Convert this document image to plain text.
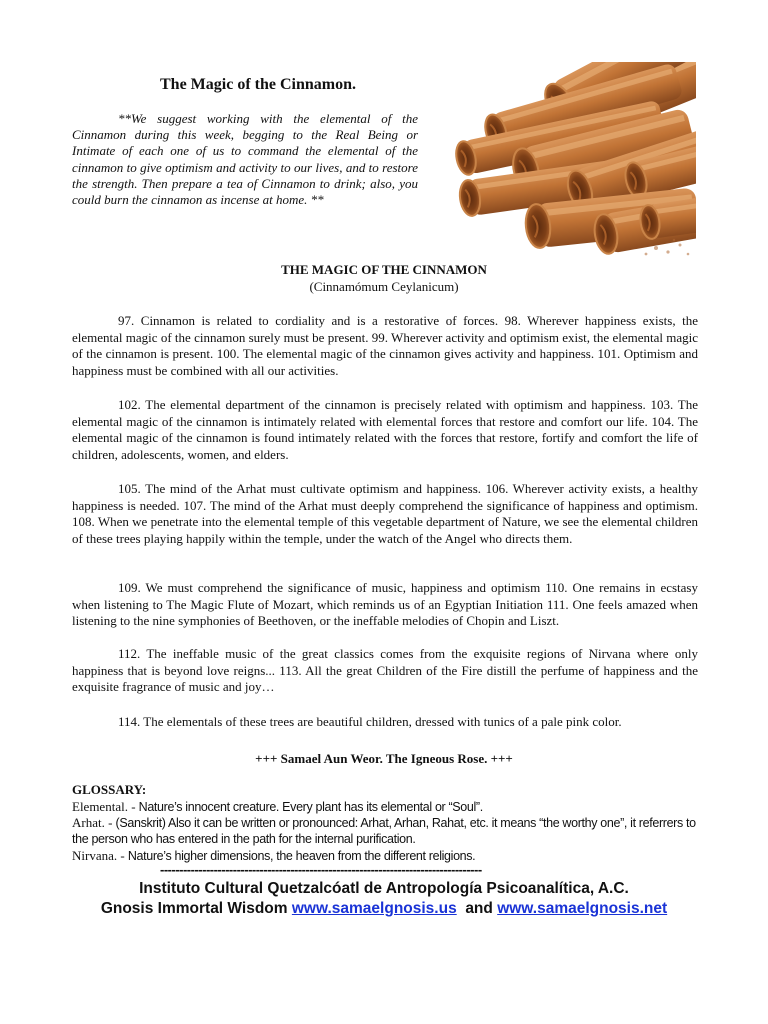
The Magic of the Cinnamon.

**We suggest working with the elemental of the Cinnamon during this week, begging to the Real Being or Intimate of each one of us to command the elemental of the cinnamon to give optimism and activity to our lives, and to restore the strength. Then prepare a tea of Cinnamon to drink; also, you could burn the cinnamon as incense at home. **

THE MAGIC OF THE CINNAMON
(Cinnamómum Ceylanicum)

97. Cinnamon is related to cordiality and is a restorative of forces. 98. Wherever happiness exists, the elemental magic of the cinnamon surely must be present. 99. Wherever activity and optimism exist, the elemental magic of the cinnamon is present. 100. The elemental magic of the cinnamon gives activity and happiness. 101. Optimism and happiness must be combined with all our activities.

102. The elemental department of the cinnamon is precisely related with optimism and happiness. 103. The elemental magic of the cinnamon is intimately related with elemental forces that restore and comfort our life. 104. The elemental magic of the cinnamon is found intimately related with the forces that restore, fortify and comfort the life of children, adolescents, women, and elders.

105. The mind of the Arhat must cultivate optimism and happiness. 106. Wherever activity exists, a healthy happiness is needed. 107. The mind of the Arhat must deeply comprehend the significance of happiness and optimism. 108. When we penetrate into the elemental temple of this vegetable department of Nature, we see the elemental children of these trees playing happily within the temple, under the watch of the Angel who directs them.

109. We must comprehend the significance of music, happiness and optimism 110. One remains in ecstasy when listening to The Magic Flute of Mozart, which reminds us of an Egyptian Initiation 111. One feels amazed when listening to the nine symphonies of Beethoven, or the ineffable melodies of Chopin and Liszt.

112. The ineffable music of the great classics comes from the exquisite regions of Nirvana where only happiness that is beyond love reigns... 113. All the great Children of the Fire distill the perfume of happiness and the exquisite fragrance of music and joy…

114. The elementals of these trees are beautiful children, dressed with tunics of a pale pink color.

+++ Samael Aun Weor. The Igneous Rose. +++
GLOSSARY:

Elemental. - Nature’s innocent creature. Every plant has its elemental or “Soul”.

Arhat. - (Sanskrit) Also it can be written or pronounced: Arhat, Arhan, Rahat, etc. it means “the worthy one”, it referrers to the person who has entered in the path for the internal purification.

Nirvana. - Nature’s higher dimensions, the heaven from the different religions.

------------------------------------------------------------------------------------
Instituto Cultural Quetzalcóatl de Antropología Psicoanalítica, A.C.
Gnosis Immortal Wisdom www.samaelgnosis.us  and www.samaelgnosis.net
